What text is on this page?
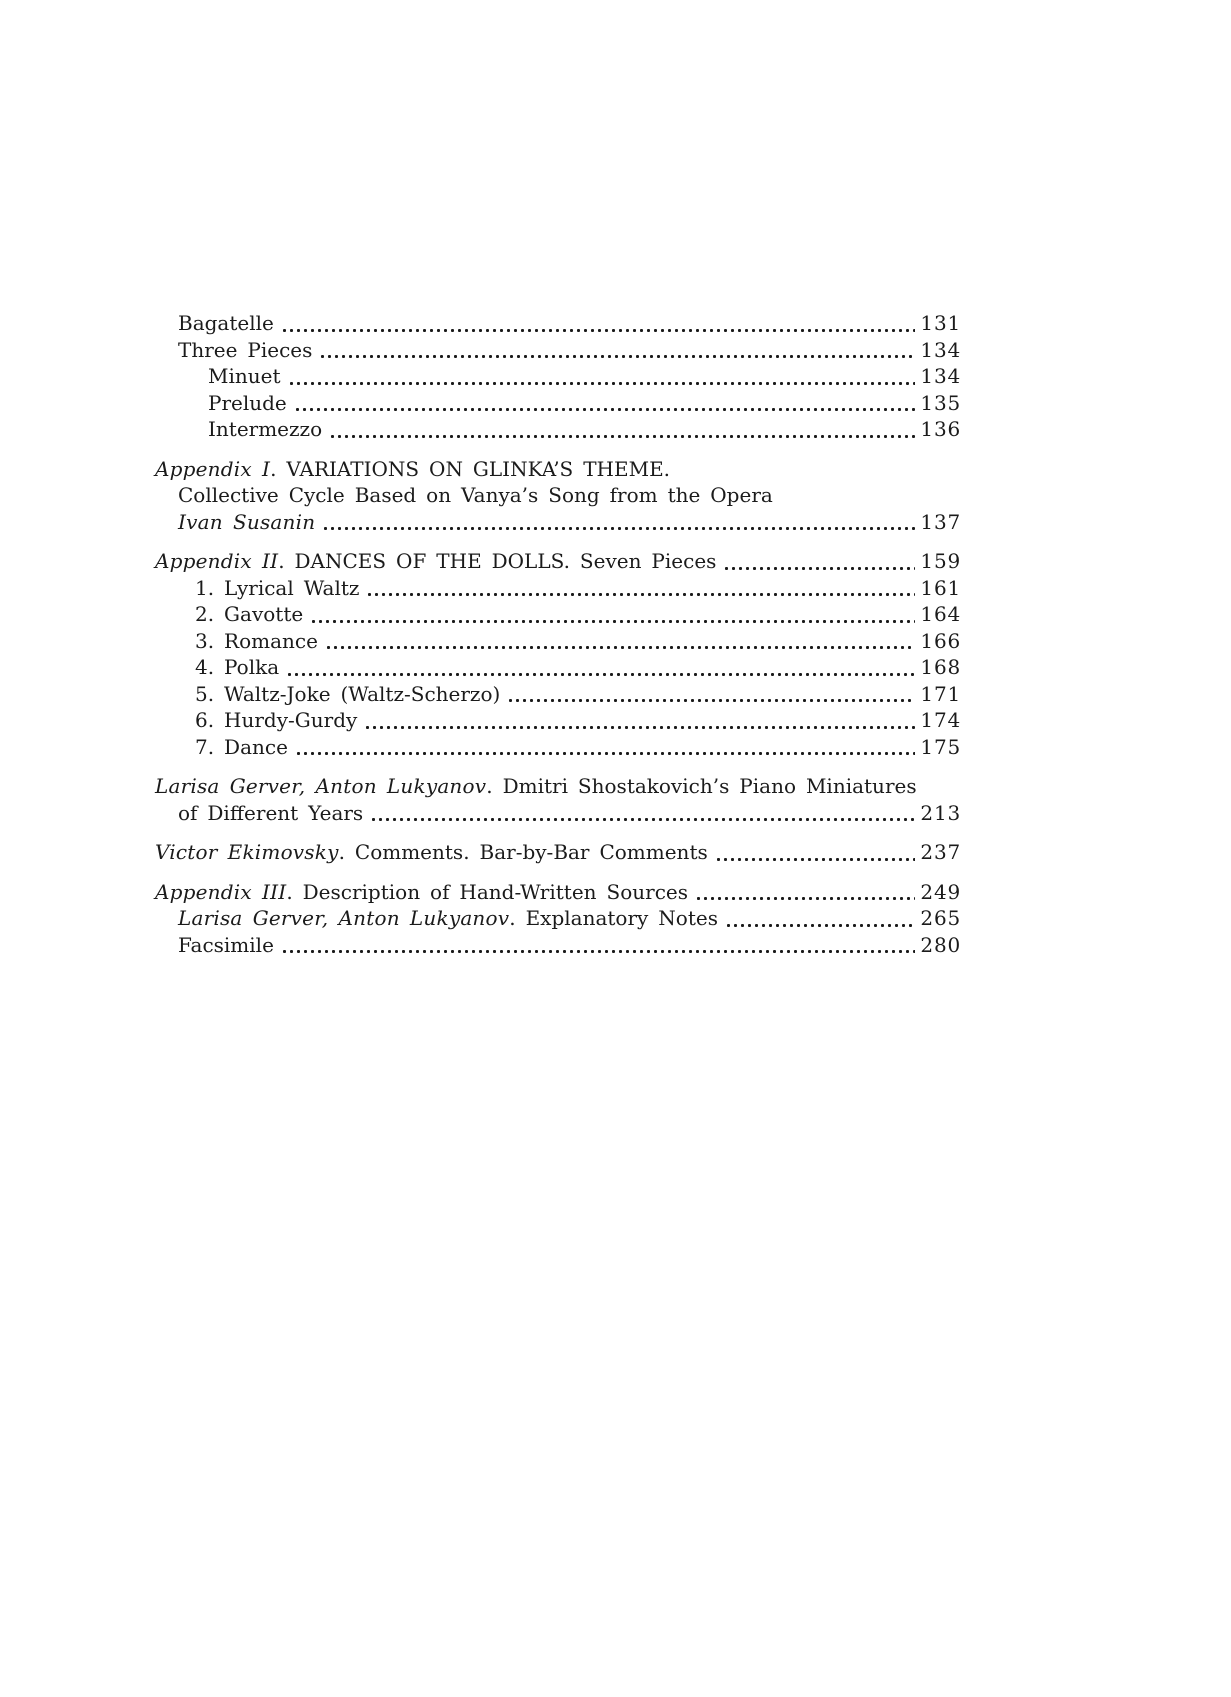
Bagatelle	131
Three Pieces	134
Minuet	134
Prelude	135
Intermezzo	136
Appendix I. VARIATIONS ON GLINKA’S THEME.
Collective Cycle Based on Vanya’s Song from the Opera
Ivan Susanin	137
Appendix II. DANCES OF THE DOLLS. Seven Pieces	159
1. Lyrical Waltz	161
2. Gavotte	164
3. Romance	166
4. Polka	168
5. Waltz-Joke (Waltz-Scherzo)	171
6. Hurdy-Gurdy	174
7. Dance	175
Larisa Gerver, Anton Lukyanov. Dmitri Shostakovich’s Piano Miniatures
of Different Years	213
Victor Ekimovsky. Comments. Bar-by-Bar Comments	237
Appendix III. Description of Hand-Written Sources	249
Larisa Gerver, Anton Lukyanov. Explanatory Notes	265
Facsimile	280
